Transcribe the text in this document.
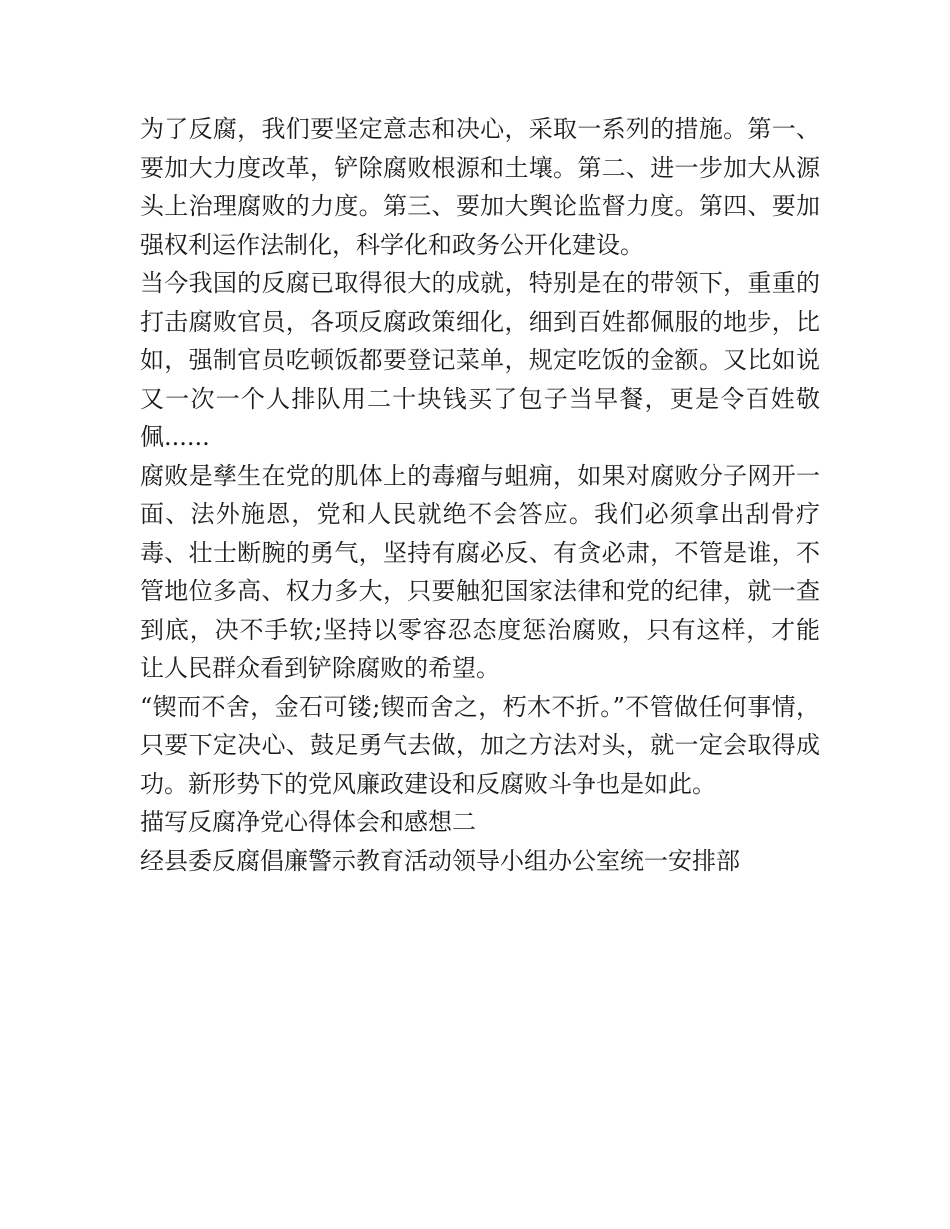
为了反腐，我们要坚定意志和决心，采取一系列的措施。第一、要加大力度改革，铲除腐败根源和土壤。第二、进一步加大从源头上治理腐败的力度。第三、要加大舆论监督力度。第四、要加强权利运作法制化，科学化和政务公开化建设。

当今我国的反腐已取得很大的成就，特别是在的带领下，重重的打击腐败官员，各项反腐政策细化，细到百姓都佩服的地步，比如，强制官员吃顿饭都要登记菜单，规定吃饭的金额。又比如说又一次一个人排队用二十块钱买了包子当早餐，更是令百姓敬佩......

腐败是孳生在党的肌体上的毒瘤与蛆痈，如果对腐败分子网开一面、法外施恩，党和人民就绝不会答应。我们必须拿出刮骨疗毒、壮士断腕的勇气，坚持有腐必反、有贪必肃，不管是谁，不管地位多高、权力多大，只要触犯国家法律和党的纪律，就一查到底，决不手软;坚持以零容忍态度惩治腐败，只有这样，才能让人民群众看到铲除腐败的希望。

“锲而不舍，金石可镂;锲而舍之，朽木不折。”不管做任何事情，只要下定决心、鼓足勇气去做，加之方法对头，就一定会取得成功。新形势下的党风廉政建设和反腐败斗争也是如此。

描写反腐净党心得体会和感想二

经县委反腐倡廉警示教育活动领导小组办公室统一安排部
